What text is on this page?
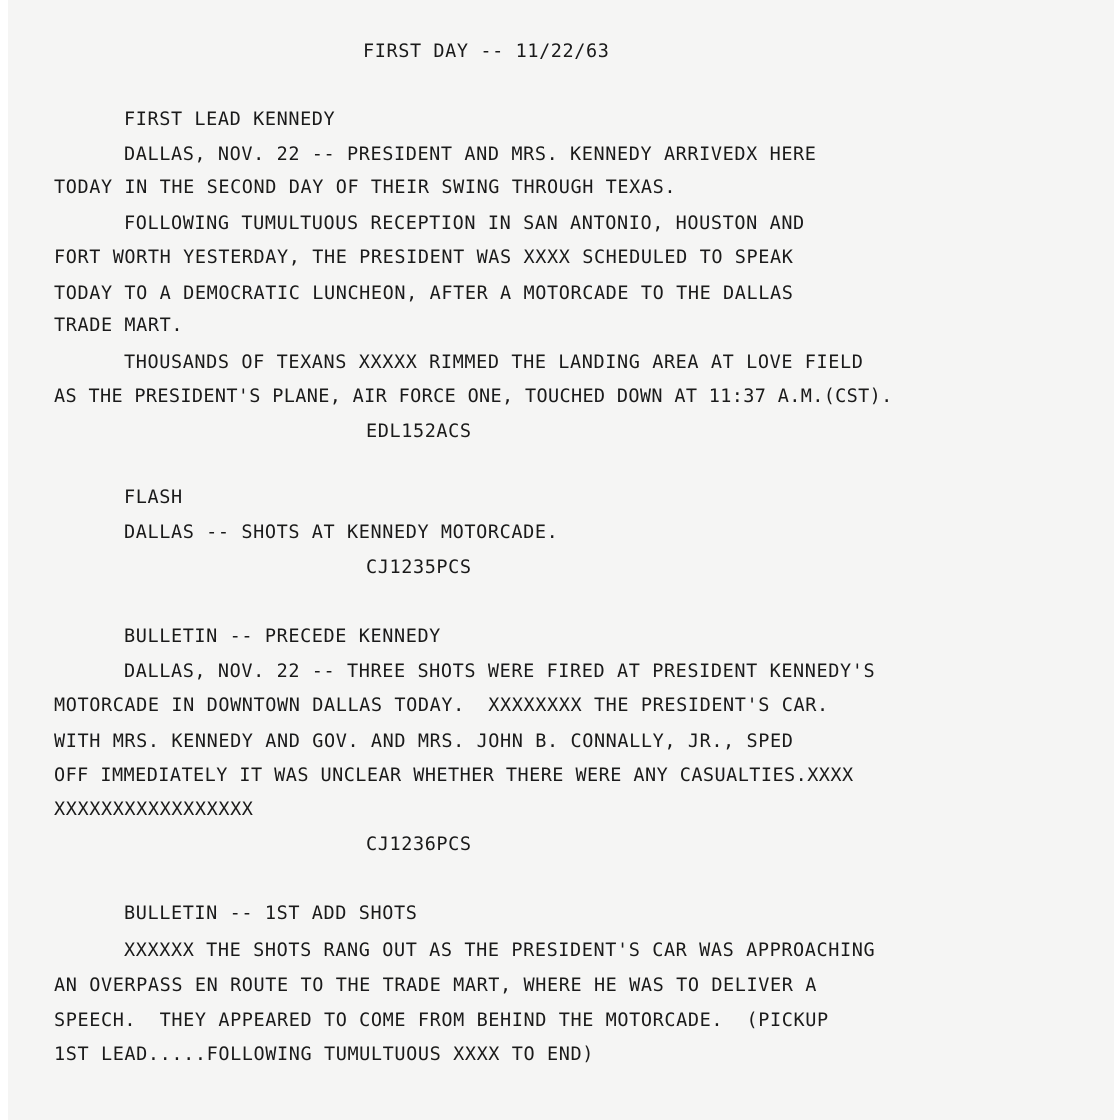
FIRST DAY -- 11/22/63

FIRST LEAD KENNEDY

DALLAS, NOV. 22 -- PRESIDENT AND MRS. KENNEDY ARRIVEDX HERE

TODAY IN THE SECOND DAY OF THEIR SWING THROUGH TEXAS.

FOLLOWING TUMULTUOUS RECEPTION IN SAN ANTONIO, HOUSTON AND

FORT WORTH YESTERDAY, THE PRESIDENT WAS XXXX SCHEDULED TO SPEAK

TODAY TO A DEMOCRATIC LUNCHEON, AFTER A MOTORCADE TO THE DALLAS

TRADE MART.

THOUSANDS OF TEXANS XXXXX RIMMED THE LANDING AREA AT LOVE FIELD

AS THE PRESIDENT'S PLANE, AIR FORCE ONE, TOUCHED DOWN AT 11:37 A.M.(CST).

EDL152ACS

FLASH

DALLAS -- SHOTS AT KENNEDY MOTORCADE.

CJ1235PCS

BULLETIN -- PRECEDE KENNEDY

DALLAS, NOV. 22 -- THREE SHOTS WERE FIRED AT PRESIDENT KENNEDY'S

MOTORCADE IN DOWNTOWN DALLAS TODAY.  XXXXXXXX THE PRESIDENT'S CAR.

WITH MRS. KENNEDY AND GOV. AND MRS. JOHN B. CONNALLY, JR., SPED

OFF IMMEDIATELY IT WAS UNCLEAR WHETHER THERE WERE ANY CASUALTIES.XXXX

XXXXXXXXXXXXXXXXX

CJ1236PCS

BULLETIN -- 1ST ADD SHOTS

XXXXXX THE SHOTS RANG OUT AS THE PRESIDENT'S CAR WAS APPROACHING

AN OVERPASS EN ROUTE TO THE TRADE MART, WHERE HE WAS TO DELIVER A

SPEECH.  THEY APPEARED TO COME FROM BEHIND THE MOTORCADE.  (PICKUP

1ST LEAD.....FOLLOWING TUMULTUOUS XXXX TO END)
